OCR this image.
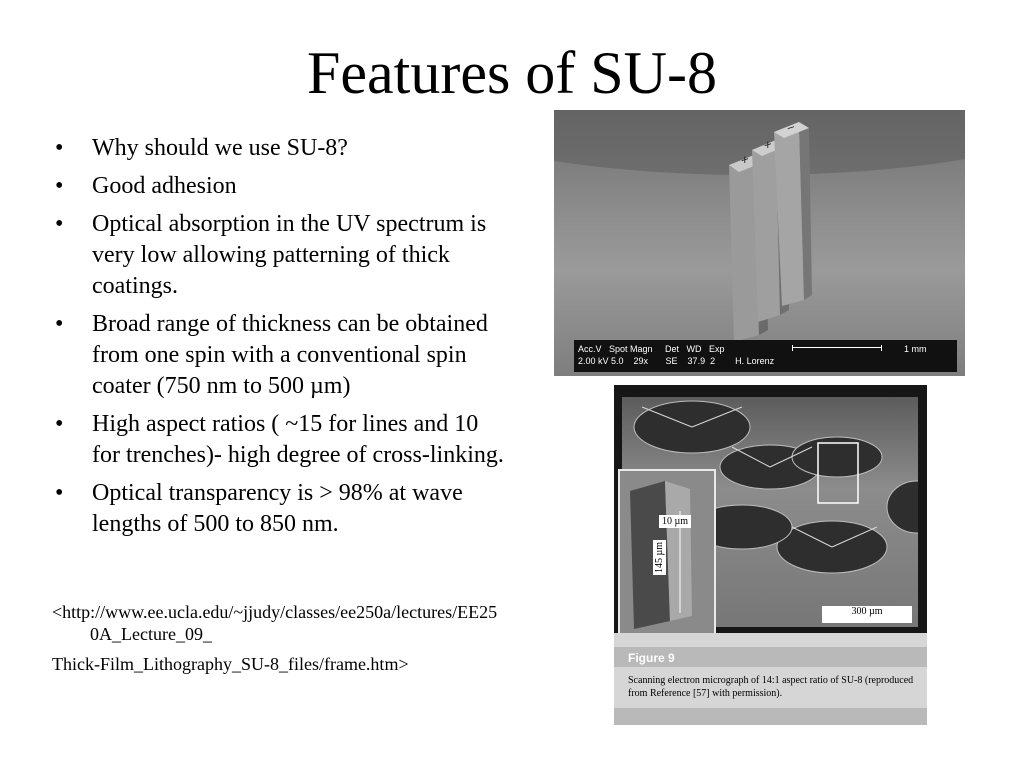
Features of SU-8
• Why should we use SU-8?
• Good adhesion
• Optical absorption in the UV spectrum is very low allowing patterning of thick coatings.
• Broad range of thickness can be obtained from one spin with a conventional spin coater (750 nm to 500 µm)
• High aspect ratios ( ~15 for lines and 10 for trenches)- high degree of cross-linking.
• Optical transparency is > 98% at wave lengths of 500 to 850 nm.

<http://www.ee.ucla.edu/~jjudy/classes/ee250a/lectures/EE250A_Lecture_09_

Thick-Film_Lithography_SU-8_files/frame.htm>

+
+
−
Acc.V   Spot Magn     Det   WD   Exp
2.00 kV 5.0    29x       SE    37.9  2        H. Lorenz
1 mm
10 µm
145 µm
300 µm
Figure 9
Scanning electron micrograph of 14:1 aspect ratio of SU-8 (reproduced from Reference [57] with permission).
